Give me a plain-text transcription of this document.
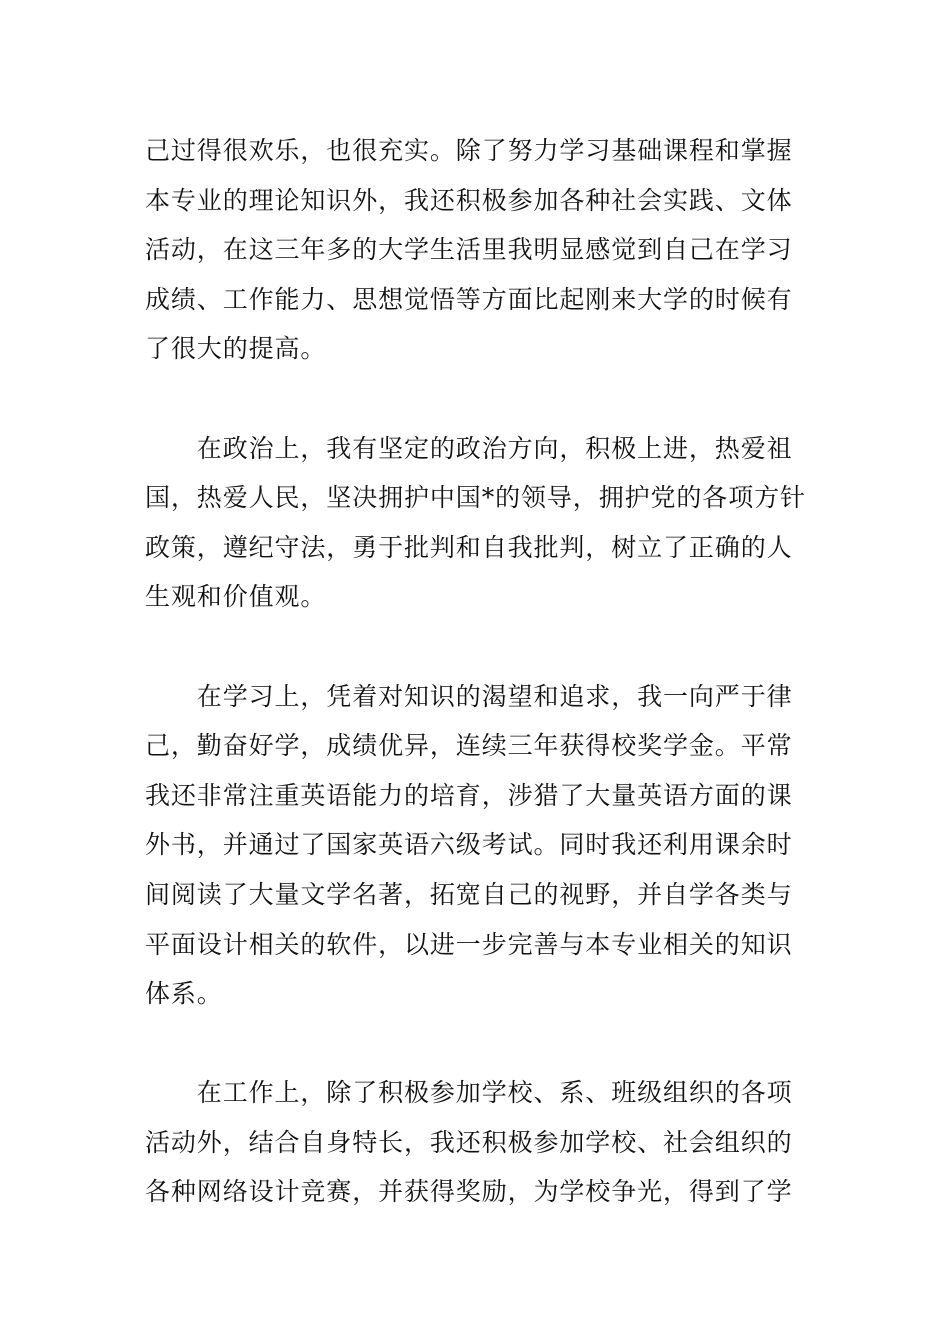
己过得很欢乐，也很充实。除了努力学习基础课程和掌握
本专业的理论知识外，我还积极参加各种社会实践、文体
活动，在这三年多的大学生活里我明显感觉到自己在学习
成绩、工作能力、思想觉悟等方面比起刚来大学的时候有
了很大的提高。

　　在政治上，我有坚定的政治方向，积极上进，热爱祖
国，热爱人民，坚决拥护中国*的领导，拥护党的各项方针
政策，遵纪守法，勇于批判和自我批判，树立了正确的人
生观和价值观。

　　在学习上，凭着对知识的渴望和追求，我一向严于律
己，勤奋好学，成绩优异，连续三年获得校奖学金。平常
我还非常注重英语能力的培育，涉猎了大量英语方面的课
外书，并通过了国家英语六级考试。同时我还利用课余时
间阅读了大量文学名著，拓宽自己的视野，并自学各类与
平面设计相关的软件，以进一步完善与本专业相关的知识
体系。

　　在工作上，除了积极参加学校、系、班级组织的各项
活动外，结合自身特长，我还积极参加学校、社会组织的
各种网络设计竞赛，并获得奖励，为学校争光，得到了学
